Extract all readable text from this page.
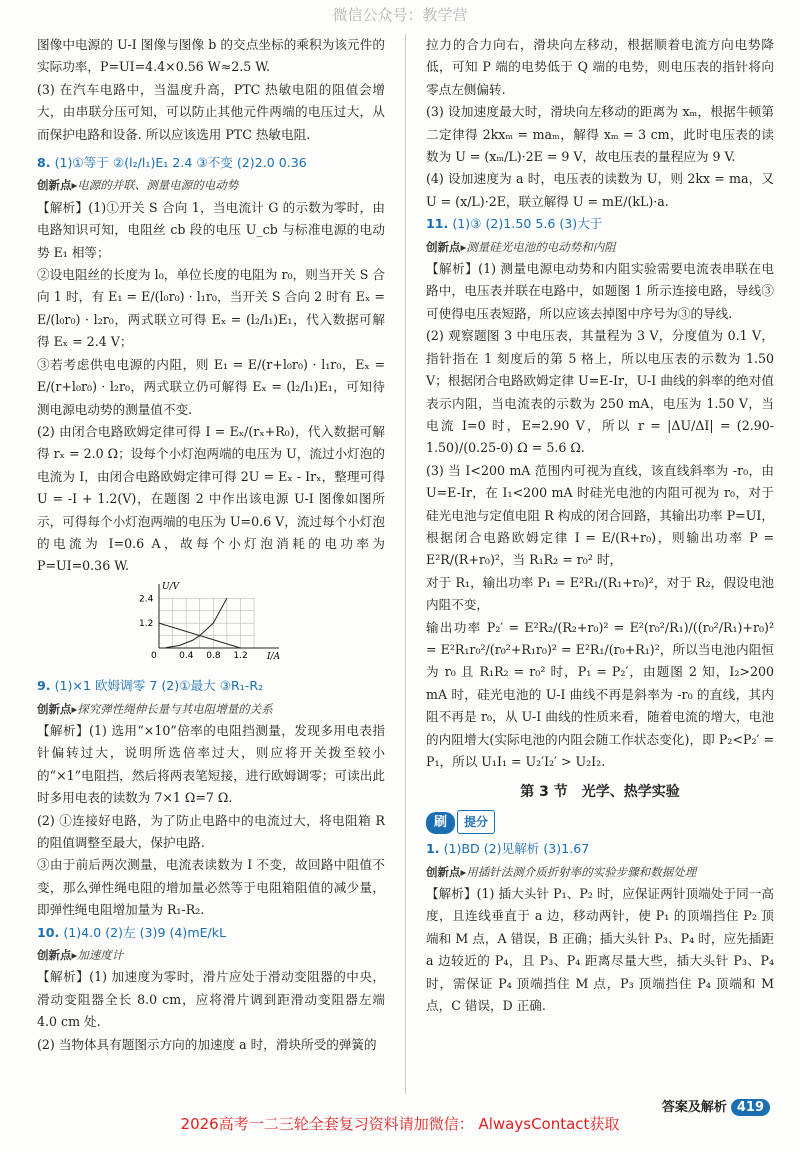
微信公众号：教学营

图像中电源的 U-I 图像与图像 b 的交点坐标的乘积为该元件的实际功率，P=UI=4.4×0.56 W≈2.5 W.

(3) 在汽车电路中，当温度升高，PTC 热敏电阻的阻值会增大，由串联分压可知，可以防止其他元件两端的电压过大，从而保护电路和设备. 所以应该选用 PTC 热敏电阻.

8. (1)①等于 ②(l₂/l₁)E₁ 2.4 ③不变 (2)2.0 0.36

创新点▸电源的并联、测量电源的电动势

【解析】(1)①开关 S 合向 1，当电流计 G 的示数为零时，由电路知识可知，电阻丝 cb 段的电压 U_cb 与标准电源的电动势 E₁ 相等；

②设电阻丝的长度为 l₀，单位长度的电阻为 r₀，则当开关 S 合向 1 时，有 E₁ = E/(l₀r₀) · l₁r₀，当开关 S 合向 2 时有 Eₓ = E/(l₀r₀) · l₂r₀，两式联立可得 Eₓ = (l₂/l₁)E₁，代入数据可解得 Eₓ = 2.4 V；

③若考虑供电电源的内阻，则 E₁ = E/(r+l₀r₀) · l₁r₀，Eₓ = E/(r+l₀r₀) · l₂r₀，两式联立仍可解得 Eₓ = (l₂/l₁)E₁，可知待测电源电动势的测量值不变.

(2) 由闭合电路欧姆定律可得 I = Eₓ/(rₓ+R₀)，代入数据可解得 rₓ = 2.0 Ω；设每个小灯泡两端的电压为 U，流过小灯泡的电流为 I，由闭合电路欧姆定律可得 2U = Eₓ - Irₓ，整理可得 U = -I + 1.2(V)，在题图 2 中作出该电源 U-I 图像如图所示，可得每个小灯泡两端的电压为 U=0.6 V，流过每个小灯泡的电流为 I=0.6 A，故每个小灯泡消耗的电功率为 P=UI=0.36 W.

U/V
I/A
0 0.4 0.8 1.2
1.2
2.4

9. (1)×1 欧姆调零 7 (2)①最大 ③R₁-R₂

创新点▸探究弹性绳伸长量与其电阻增量的关系

【解析】(1) 选用“×10”倍率的电阻挡测量，发现多用电表指针偏转过大，说明所选倍率过大，则应将开关拨至较小的“×1”电阻挡，然后将两表笔短接，进行欧姆调零；可读出此时多用电表的读数为 7×1 Ω=7 Ω.

(2) ①连接好电路，为了防止电路中的电流过大，将电阻箱 R 的阻值调整至最大，保护电路.

③由于前后两次测量，电流表读数为 I 不变，故回路中阻值不变，那么弹性绳电阻的增加量必然等于电阻箱阻值的减少量，即弹性绳电阻增加量为 R₁-R₂.

10. (1)4.0 (2)左 (3)9 (4)mE/kL

创新点▸加速度计

【解析】(1) 加速度为零时，滑片应处于滑动变阻器的中央，滑动变阻器全长 8.0 cm，应将滑片调到距滑动变阻器左端 4.0 cm 处.

(2) 当物体具有题图示方向的加速度 a 时，滑块所受的弹簧的

拉力的合力向右，滑块向左移动，根据顺着电流方向电势降低，可知 P 端的电势低于 Q 端的电势，则电压表的指针将向零点左侧偏转.

(3) 设加速度最大时，滑块向左移动的距离为 xₘ，根据牛顿第二定律得 2kxₘ = maₘ，解得 xₘ = 3 cm，此时电压表的读数为 U = (xₘ/L)·2E = 9 V，故电压表的量程应为 9 V.

(4) 设加速度为 a 时，电压表的读数为 U，则 2kx = ma，又 U = (x/L)·2E，联立解得 U = mE/(kL)·a.

11. (1)③ (2)1.50 5.6 (3)大于

创新点▸测量硅光电池的电动势和内阻

【解析】(1) 测量电源电动势和内阻实验需要电流表串联在电路中，电压表并联在电路中，如题图 1 所示连接电路，导线③可使得电压表短路，所以应该去掉图中序号为③的导线.

(2) 观察题图 3 中电压表，其量程为 3 V，分度值为 0.1 V，指针指在 1 刻度后的第 5 格上，所以电压表的示数为 1.50 V；根据闭合电路欧姆定律 U=E-Ir，U-I 曲线的斜率的绝对值表示内阻，当电流表的示数为 250 mA，电压为 1.50 V，当电流 I=0 时，E=2.90 V，所以 r = |ΔU/ΔI| = (2.90-1.50)/(0.25-0) Ω = 5.6 Ω.

(3) 当 I<200 mA 范围内可视为直线，该直线斜率为 -r₀，由 U=E-Ir，在 I₁<200 mA 时硅光电池的内阻可视为 r₀，对于硅光电池与定值电阻 R 构成的闭合回路，其输出功率 P=UI，根据闭合电路欧姆定律 I = E/(R+r₀)，则输出功率 P = E²R/(R+r₀)²，当 R₁R₂ = r₀² 时，

对于 R₁，输出功率 P₁ = E²R₁/(R₁+r₀)²，对于 R₂，假设电池内阻不变，

输出功率 P₂′ = E²R₂/(R₂+r₀)² = E²(r₀²/R₁)/((r₀²/R₁)+r₀)² = E²R₁r₀²/(r₀²+R₁r₀)² = E²R₁/(r₀+R₁)²，所以当电池内阻恒为 r₀ 且 R₁R₂ = r₀² 时，P₁ = P₂′，由题图 2 知，I₂>200 mA 时，硅光电池的 U-I 曲线不再是斜率为 -r₀ 的直线，其内阻不再是 r₀，从 U-I 曲线的性质来看，随着电流的增大，电池的内阻增大(实际电池的内阻会随工作状态变化)，即 P₂<P₂′ = P₁，所以 U₁I₁ = U₂′I₂′ > U₂I₂.

第 3 节　光学、热学实验
刷 提分

1. (1)BD (2)见解析 (3)1.67

创新点▸用插针法测介质折射率的实验步骤和数据处理

【解析】(1) 插大头针 P₁、P₂ 时，应保证两针顶端处于同一高度，且连线垂直于 a 边，移动两针，使 P₁ 的顶端挡住 P₂ 顶端和 M 点，A 错误，B 正确；插大头针 P₃、P₄ 时，应先插距 a 边较近的 P₄，且 P₃、P₄ 距离尽量大些，插大头针 P₃、P₄ 时，需保证 P₄ 顶端挡住 M 点，P₃ 顶端挡住 P₄ 顶端和 M 点，C 错误，D 正确.

答案及解析 419
2026高考一二三轮全套复习资料请加微信： AlwaysContact获取
